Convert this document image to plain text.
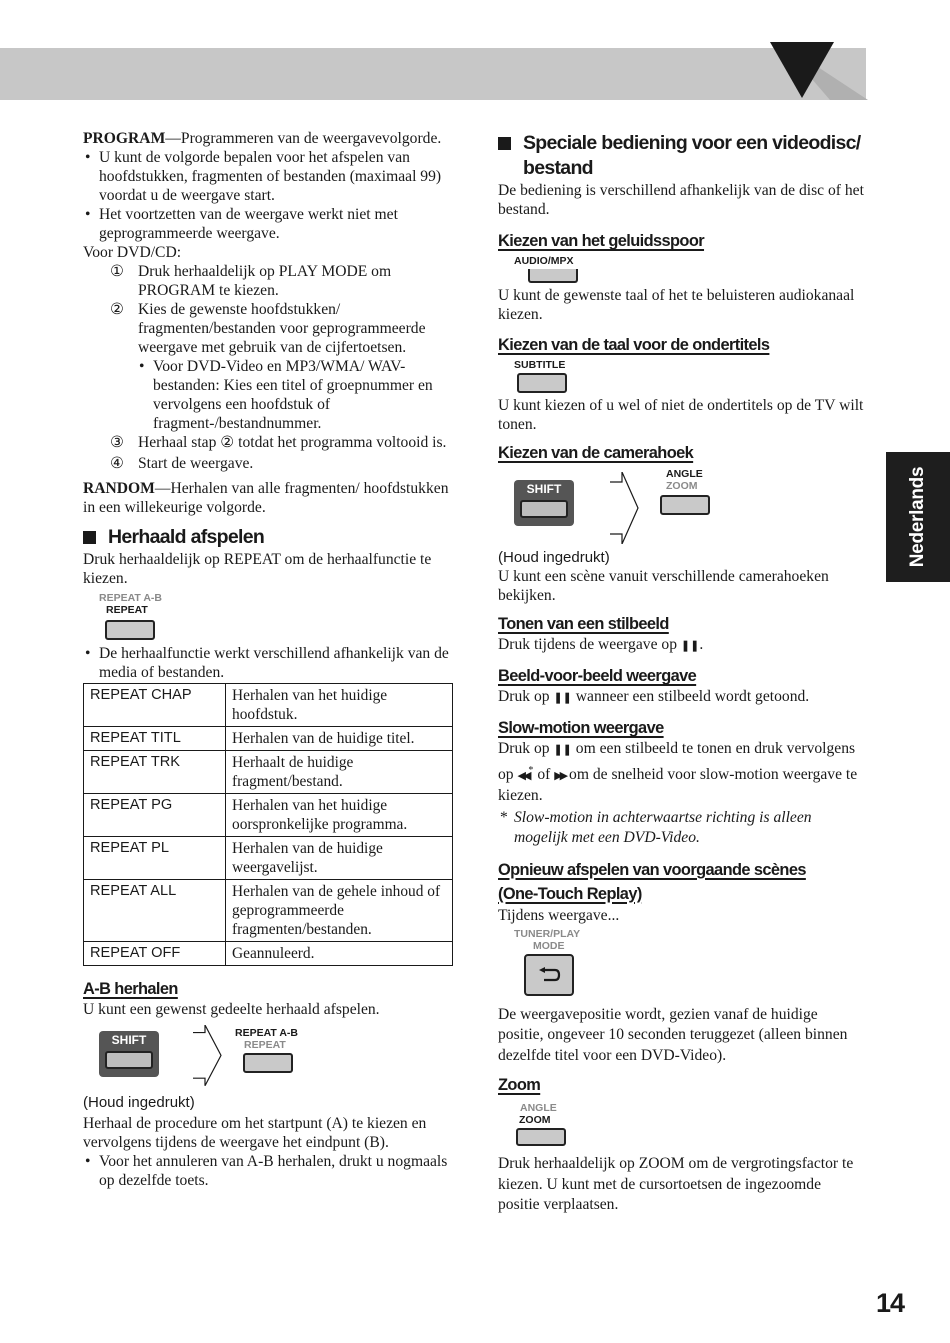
Nederlands

PROGRAM—Programmeren van de weergavevolgorde.

• U kunt de volgorde bepalen voor het afspelen van hoofdstukken, fragmenten of bestanden (maximaal 99) voordat u de weergave start.

• Het voortzetten van de weergave werkt niet met geprogrammeerde weergave.

Voor DVD/CD:

① Druk herhaaldelijk op PLAY MODE om PROGRAM te kiezen.

② Kies de gewenste hoofdstukken/ fragmenten/bestanden voor geprogrammeerde weergave met gebruik van de cijfertoetsen.

• Voor DVD-Video en MP3/WMA/ WAV-bestanden: Kies een titel of groepnummer en vervolgens een hoofdstuk of fragment-/bestandnummer.

③ Herhaal stap ② totdat het programma voltooid is.

④ Start de weergave.

RANDOM—Herhalen van alle fragmenten/ hoofdstukken in een willekeurige volgorde.

Herhaald afspelen

Druk herhaaldelijk op REPEAT om de herhaalfunctie te kiezen.

REPEAT A-B
REPEAT

• De herhaalfunctie werkt verschillend afhankelijk van de media of bestanden.

REPEAT CHAP	Herhalen van het huidige hoofdstuk.
REPEAT TITL	Herhalen van de huidige titel.
REPEAT TRK	Herhaalt de huidige fragment/bestand.
REPEAT PG	Herhalen van het huidige oorspronkelijke programma.
REPEAT PL	Herhalen van de huidige weergavelijst.
REPEAT ALL	Herhalen van de gehele inhoud of geprogrammeerde fragmenten/bestanden.
REPEAT OFF	Geannuleerd.
A-B herhalen

U kunt een gewenst gedeelte herhaald afspelen.

SHIFT	REPEAT A-B
REPEAT

(Houd ingedrukt)

Herhaal de procedure om het startpunt (A) te kiezen en vervolgens tijdens de weergave het eindpunt (B).

• Voor het annuleren van A-B herhalen, drukt u nogmaals op dezelfde toets.

Speciale bediening voor een videodisc/ bestand

De bediening is verschillend afhankelijk van de disc of het bestand.

Kiezen van het geluidsspoor
AUDIO/MPX

U kunt de gewenste taal of het te beluisteren audiokanaal kiezen.

Kiezen van de taal voor de ondertitels
SUBTITLE

U kunt kiezen of u wel of niet de ondertitels op de TV wilt tonen.

Kiezen van de camerahoek
SHIFT
ANGLE
ZOOM

(Houd ingedrukt)

U kunt een scène vanuit verschillende camerahoeken bekijken.

Tonen van een stilbeeld

Druk tijdens de weergave op ❚❚.

Beeld-voor-beeld weergave

Druk op ❚❚ wanneer een stilbeeld wordt getoond.

Slow-motion weergave

Druk op ❚❚ om een stilbeeld te tonen en druk vervolgens op ◀◀* of ▶▶ om de snelheid voor slow-motion weergave te kiezen.

* Slow-motion in achterwaartse richting is alleen mogelijk met een DVD-Video.

Opnieuw afspelen van voorgaande scènes
(One-Touch Replay)

Tijdens weergave...

TUNER/PLAY
MODE

De weergavepositie wordt, gezien vanaf de huidige positie, ongeveer 10 seconden teruggezet (alleen binnen dezelfde titel voor een DVD-Video).

Zoom
ANGLE
ZOOM

Druk herhaaldelijk op ZOOM om de vergrotingsfactor te kiezen. U kunt met de cursortoetsen de ingezoomde positie verplaatsen.

14
